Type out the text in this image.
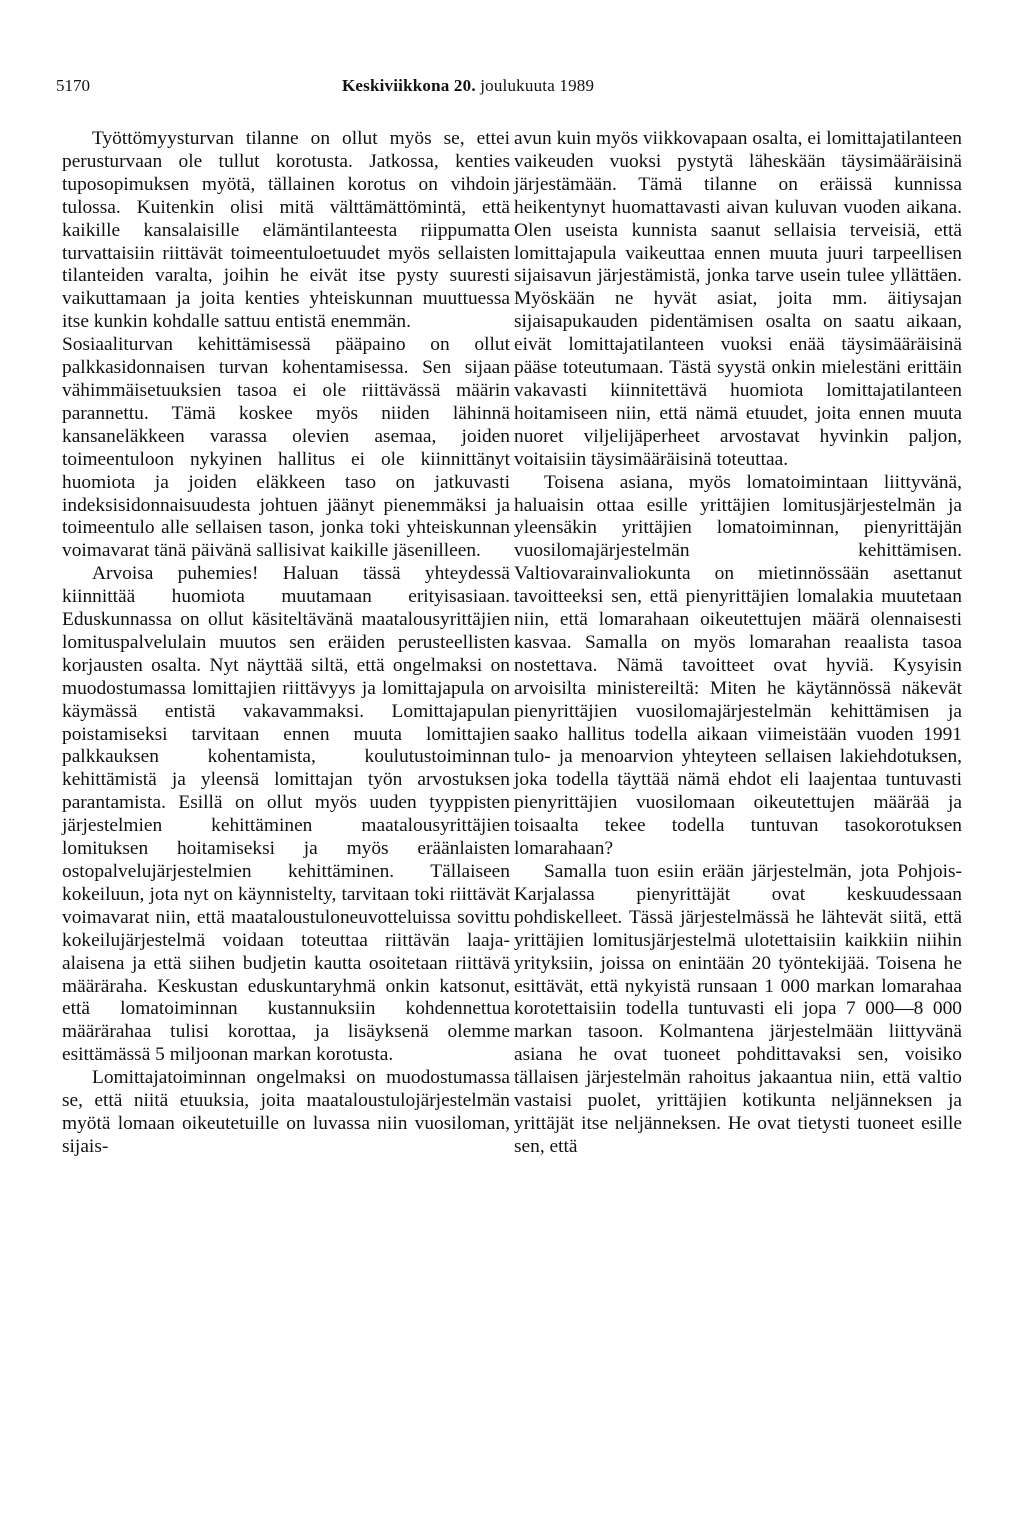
5170	Keskiviikkona 20. joulukuuta 1989

Työttömyysturvan tilanne on ollut myös se, ettei perusturvaan ole tullut korotusta. Jatkossa, kenties tuposopimuksen myötä, tällainen korotus on vihdoin tulossa. Kuitenkin olisi mitä välttämättömintä, että kaikille kansalaisille elämäntilanteesta riippumatta turvattaisiin riittävät toimeentuloetuudet myös sellaisten tilanteiden varalta, joihin he eivät itse pysty suuresti vaikuttamaan ja joita kenties yhteiskunnan muuttuessa itse kunkin kohdalle sattuu entistä enemmän.

Sosiaaliturvan kehittämisessä pääpaino on ollut palkkasidonnaisen turvan kohentamisessa. Sen sijaan vähimmäisetuuksien tasoa ei ole riittävässä määrin parannettu. Tämä koskee myös niiden lähinnä kansaneläkkeen varassa olevien asemaa, joiden toimeentuloon nykyinen hallitus ei ole kiinnittänyt huomiota ja joiden eläkkeen taso on jatkuvasti indeksisidonnaisuudesta johtuen jäänyt pienemmäksi ja toimeentulo alle sellaisen tason, jonka toki yhteiskunnan voimavarat tänä päivänä sallisivat kaikille jäsenilleen.

Arvoisa puhemies! Haluan tässä yhteydessä kiinnittää huomiota muutamaan erityisasiaan. Eduskunnassa on ollut käsiteltävänä maatalousyrittäjien lomituspalvelulain muutos sen eräiden perusteellisten korjausten osalta. Nyt näyttää siltä, että ongelmaksi on muodostumassa lomittajien riittävyys ja lomittajapula on käymässä entistä vakavammaksi. Lomittajapulan poistamiseksi tarvitaan ennen muuta lomittajien palkkauksen kohentamista, koulutustoiminnan kehittämistä ja yleensä lomittajan työn arvostuksen parantamista. Esillä on ollut myös uuden tyyppisten järjestelmien kehittäminen maatalousyrittäjien lomituksen hoitamiseksi ja myös eräänlaisten ostopalvelujärjestelmien kehittäminen. Tällaiseen kokeiluun, jota nyt on käynnistelty, tarvitaan toki riittävät voimavarat niin, että maataloustuloneuvotteluissa sovittu kokeilujärjestelmä voidaan toteuttaa riittävän laaja-alaisena ja että siihen budjetin kautta osoitetaan riittävä määräraha. Keskustan eduskuntaryhmä onkin katsonut, että lomatoiminnan kustannuksiin kohdennettua määrärahaa tulisi korottaa, ja lisäyksenä olemme esittämässä 5 miljoonan markan korotusta.

Lomittajatoiminnan ongelmaksi on muodostumassa se, että niitä etuuksia, joita maataloustulojärjestelmän myötä lomaan oikeutetuille on luvassa niin vuosiloman, sijais-

avun kuin myös viikkovapaan osalta, ei lomittajatilanteen vaikeuden vuoksi pystytä läheskään täysimääräisinä järjestämään. Tämä tilanne on eräissä kunnissa heikentynyt huomattavasti aivan kuluvan vuoden aikana. Olen useista kunnista saanut sellaisia terveisiä, että lomittajapula vaikeuttaa ennen muuta juuri tarpeellisen sijaisavun järjestämistä, jonka tarve usein tulee yllättäen. Myöskään ne hyvät asiat, joita mm. äitiysajan sijaisapukauden pidentämisen osalta on saatu aikaan, eivät lomittajatilanteen vuoksi enää täysimääräisinä pääse toteutumaan. Tästä syystä onkin mielestäni erittäin vakavasti kiinnitettävä huomiota lomittajatilanteen hoitamiseen niin, että nämä etuudet, joita ennen muuta nuoret viljelijäperheet arvostavat hyvinkin paljon, voitaisiin täysimääräisinä toteuttaa.

Toisena asiana, myös lomatoimintaan liittyvänä, haluaisin ottaa esille yrittäjien lomitusjärjestelmän ja yleensäkin yrittäjien lomatoiminnan, pienyrittäjän vuosilomajärjestelmän kehittämisen. Valtiovarainvaliokunta on mietinnössään asettanut tavoitteeksi sen, että pienyrittäjien lomalakia muutetaan niin, että lomarahaan oikeutettujen määrä olennaisesti kasvaa. Samalla on myös lomarahan reaalista tasoa nostettava. Nämä tavoitteet ovat hyviä. Kysyisin arvoisilta ministereiltä: Miten he käytännössä näkevät pienyrittäjien vuosilomajärjestelmän kehittämisen ja saako hallitus todella aikaan viimeistään vuoden 1991 tulo- ja menoarvion yhteyteen sellaisen lakiehdotuksen, joka todella täyttää nämä ehdot eli laajentaa tuntuvasti pienyrittäjien vuosilomaan oikeutettujen määrää ja toisaalta tekee todella tuntuvan tasokorotuksen lomarahaan?

Samalla tuon esiin erään järjestelmän, jota Pohjois-Karjalassa pienyrittäjät ovat keskuudessaan pohdiskelleet. Tässä järjestelmässä he lähtevät siitä, että yrittäjien lomitusjärjestelmä ulotettaisiin kaikkiin niihin yrityksiin, joissa on enintään 20 työntekijää. Toisena he esittävät, että nykyistä runsaan 1 000 markan lomarahaa korotettaisiin todella tuntuvasti eli jopa 7 000—8 000 markan tasoon. Kolmantena järjestelmään liittyvänä asiana he ovat tuoneet pohdittavaksi sen, voisiko tällaisen järjestelmän rahoitus jakaantua niin, että valtio vastaisi puolet, yrittäjien kotikunta neljänneksen ja yrittäjät itse neljänneksen. He ovat tietysti tuoneet esille sen, että
